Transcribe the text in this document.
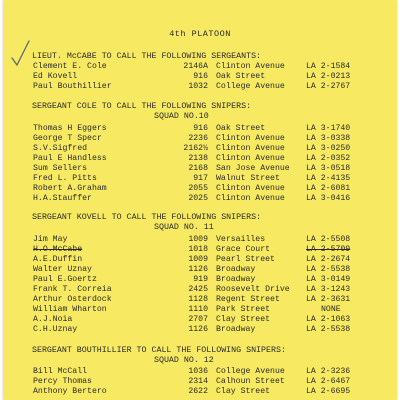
4th PLATOON
LIEUT. McCABE TO CALL THE FOLLOWING SERGEANTS:
Clement E. Cole	2146A Clinton Avenue	LA 2-1584
Ed Kovell	916 Oak Street	LA 2-0213
Paul Bouthillier	1032 College Avenue	LA 2-2767
SERGEANT COLE TO CALL THE FOLLOWING SNIPERS:
SQUAD NO.10
Thomas H Eggers	916 Oak Street	LA 3-1740
George T Specr	2236 Clinton Avenue	LA 3-0338
S.V.Sigfred	2162½ Clinton Avenue	LA 3-0250
Paul E Handless	2138 Clinton Avenue	LA 2-0352
Sum Sellers	2168 San Jose Avenue LA 3-0518
Fred L. Pitts	917 Walnut Street	LA 2-4135
Robert A.Graham	2055 Clinton Avenue	LA 2-6081
H.A.Stauffer	2025 Clinton Avenue	LA 3-0416
SERGEANT KOVELL TO CALL THE FOLLOWING SNIPERS:
SQUAD NO. 11
Jim May	1009 Versailles	LA 2-5508
H.O.McCabe	1018 Grace Court	LA 2-5709
A.E.Duffin	1009 Pearl Street	LA 2-2674
Walter Uznay	1126 Broadway	LA 2-5538
Paul E.Goertz	919 Broadway	LA 3-0149
Frank T. Correia	2425 Roosevelt Drive LA 3-1243
Arthur Osterdock	1128 Regent Street	LA 2-3631
William Wharton	1110 Park Street	NONE
A.J.Noia	2707 Clay Street	LA 2-1063
C.H.Uznay	1126 Broadway	LA 2-5538
SERGEANT BOUTHILLIER TO CALL THE FOLLOWING SNIPERS:
SQUAD NO. 12
Bill McCall	1036 College Avenue	LA 2-3236
Percy Thomas	2314 Calhoun Street	LA 2-6467
Anthony Bertero	2622 Clay Street	LA 2-6695
